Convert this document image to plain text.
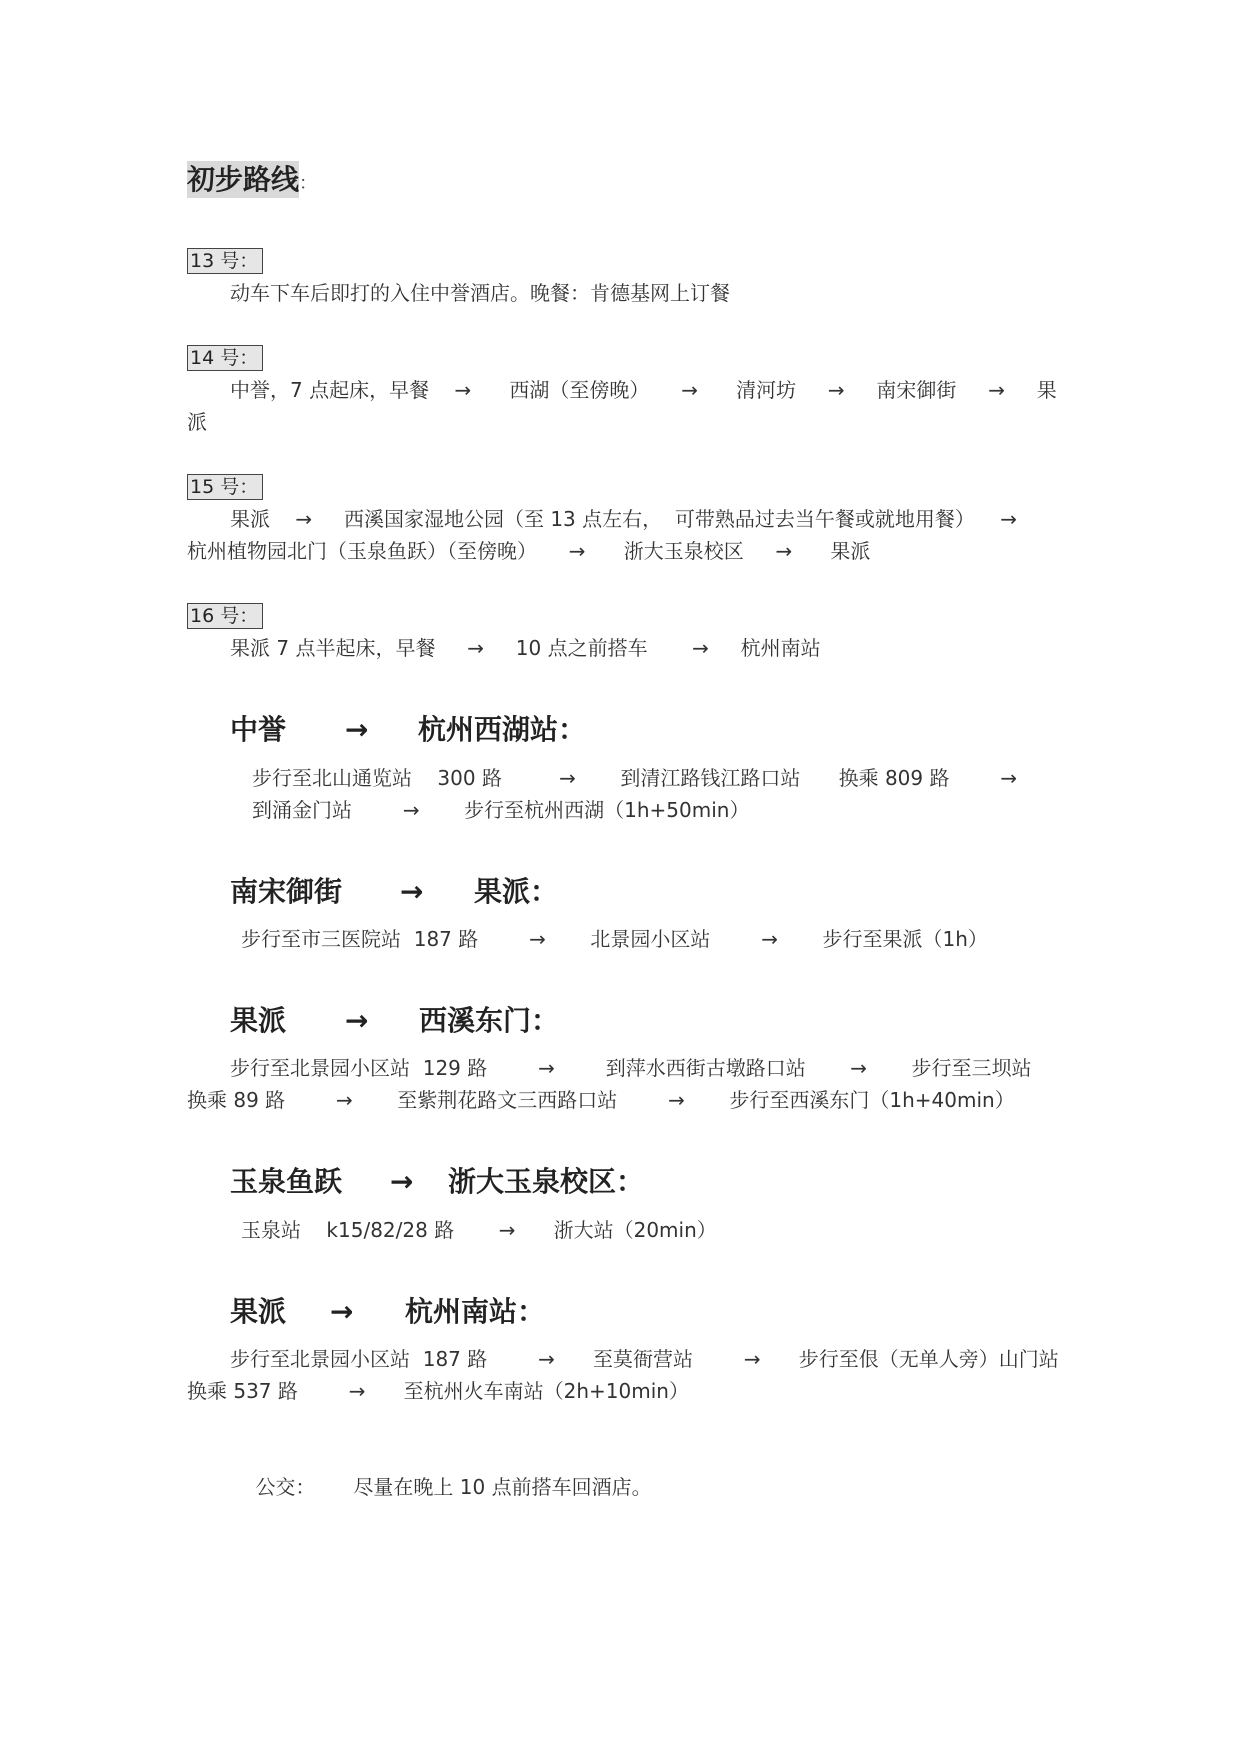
初步路线：
13 号：
动车下车后即打的入住中誉酒店。晚餐：肯德基网上订餐
14 号：
中誉，7 点起床，早餐    →      西湖（至傍晚）     →      清河坊     →     南宋御街     →     果
派
15 号：
果派    →     西溪国家湿地公园（至 13 点左右，  可带熟品过去当午餐或就地用餐）    →
杭州植物园北门（玉泉鱼跃）（至傍晚）     →      浙大玉泉校区     →      果派
16 号：
果派 7 点半起床，早餐     →     10 点之前搭车       →     杭州南站
中誉 → 杭州西湖站：
步行至北山通览站    300 路         →       到清江路钱江路口站      换乘 809 路        →
到涌金门站        →       步行至杭州西湖（1h+50min）
南宋御街 → 果派：
步行至市三医院站  187 路        →       北景园小区站        →       步行至果派（1h）
果派 → 西溪东门：
步行至北景园小区站  129 路        →        到萍水西街古墩路口站       →       步行至三坝站
换乘 89 路        →       至紫荆花路文三西路口站        →       步行至西溪东门（1h+40min）
玉泉鱼跃 → 浙大玉泉校区：
玉泉站    k15/82/28 路       →      浙大站（20min）
果派 → 杭州南站：
步行至北景园小区站  187 路        →      至莫衙营站        →      步行至佷（无单人旁）山门站
换乘 537 路        →      至杭州火车南站（2h+10min）

公交： 尽量在晚上 10 点前搭车回酒店。
